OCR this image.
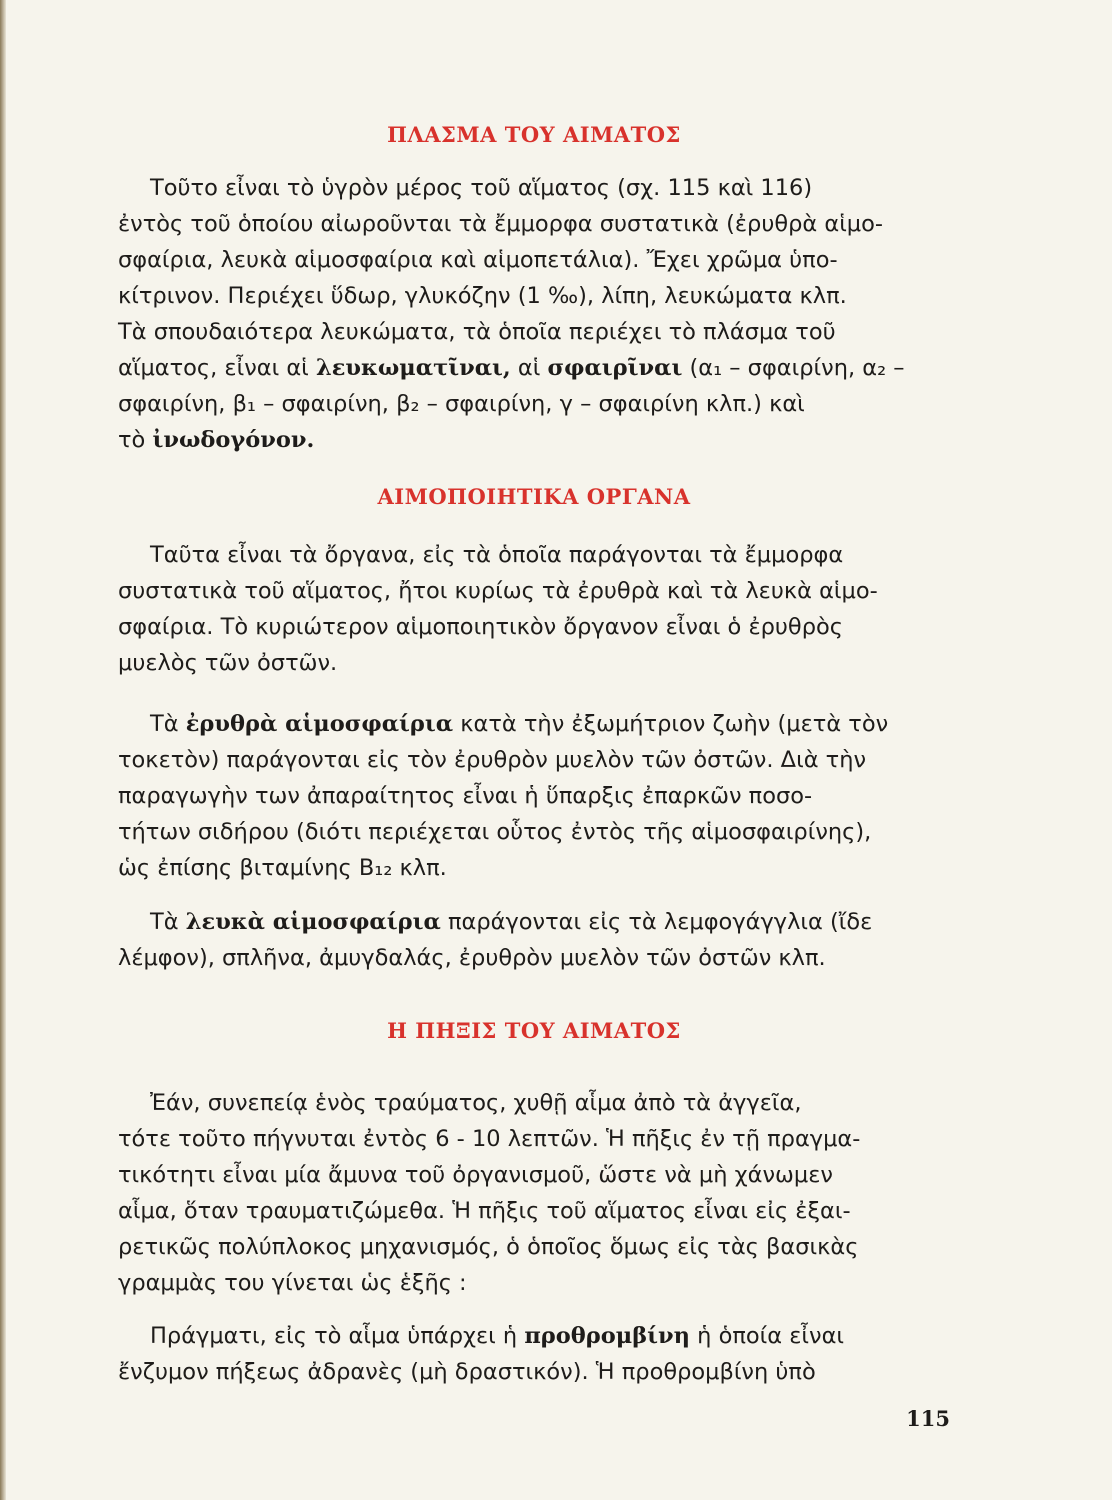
ΠΛΑΣΜΑ ΤΟΥ ΑΙΜΑΤΟΣ
Τοῦτο εἶναι τὸ ὑγρὸν μέρος τοῦ αἵματος (σχ. 115 καὶ 116)
ἐντὸς τοῦ ὁποίου αἰωροῦνται τὰ ἔμμορφα συστατικὰ (ἐρυθρὰ αἱμο-
σφαίρια, λευκὰ αἱμοσφαίρια καὶ αἱμοπετάλια). Ἔχει χρῶμα ὑπο-
κίτρινον. Περιέχει ὕδωρ, γλυκόζην (1 ‰), λίπη, λευκώματα κλπ.
Τὰ σπουδαιότερα λευκώματα, τὰ ὁποῖα περιέχει τὸ πλάσμα τοῦ
αἵματος, εἶναι αἱ λευκωματῖναι, αἱ σφαιρῖναι (α₁ – σφαιρίνη, α₂ –
σφαιρίνη, β₁ – σφαιρίνη, β₂ – σφαιρίνη, γ – σφαιρίνη κλπ.) καὶ
τὸ ἰνωδογόνον.
ΑΙΜΟΠΟΙΗΤΙΚΑ ΟΡΓΑΝΑ
Ταῦτα εἶναι τὰ ὄργανα, εἰς τὰ ὁποῖα παράγονται τὰ ἔμμορφα
συστατικὰ τοῦ αἵματος, ἤτοι κυρίως τὰ ἐρυθρὰ καὶ τὰ λευκὰ αἱμο-
σφαίρια. Τὸ κυριώτερον αἱμοποιητικὸν ὄργανον εἶναι ὁ ἐρυθρὸς
μυελὸς τῶν ὀστῶν.
Τὰ ἐρυθρὰ αἱμοσφαίρια κατὰ τὴν ἐξωμήτριον ζωὴν (μετὰ τὸν
τοκετὸν) παράγονται εἰς τὸν ἐρυθρὸν μυελὸν τῶν ὀστῶν. Διὰ τὴν
παραγωγὴν των ἀπαραίτητος εἶναι ἡ ὕπαρξις ἐπαρκῶν ποσο-
τήτων σιδήρου (διότι περιέχεται οὗτος ἐντὸς τῆς αἱμοσφαιρίνης),
ὡς ἐπίσης βιταμίνης B₁₂ κλπ.
Τὰ λευκὰ αἱμοσφαίρια παράγονται εἰς τὰ λεμφογάγγλια (ἴδε
λέμφον), σπλῆνα, ἀμυγδαλάς, ἐρυθρὸν μυελὸν τῶν ὀστῶν κλπ.
Η ΠΗΞΙΣ ΤΟΥ ΑΙΜΑΤΟΣ
Ἐάν, συνεπείᾳ ἑνὸς τραύματος, χυθῇ αἷμα ἀπὸ τὰ ἀγγεῖα,
τότε τοῦτο πήγνυται ἐντὸς 6 - 10 λεπτῶν. Ἡ πῆξις ἐν τῇ πραγμα-
τικότητι εἶναι μία ἄμυνα τοῦ ὀργανισμοῦ, ὥστε νὰ μὴ χάνωμεν
αἷμα, ὅταν τραυματιζώμεθα. Ἡ πῆξις τοῦ αἵματος εἶναι εἰς ἐξαι-
ρετικῶς πολύπλοκος μηχανισμός, ὁ ὁποῖος ὅμως εἰς τὰς βασικὰς
γραμμὰς του γίνεται ὡς ἑξῆς :
Πράγματι, εἰς τὸ αἷμα ὑπάρχει ἡ προθρομβίνη ἡ ὁποία εἶναι
ἔνζυμον πήξεως ἀδρανὲς (μὴ δραστικόν). Ἡ προθρομβίνη ὑπὸ
115
